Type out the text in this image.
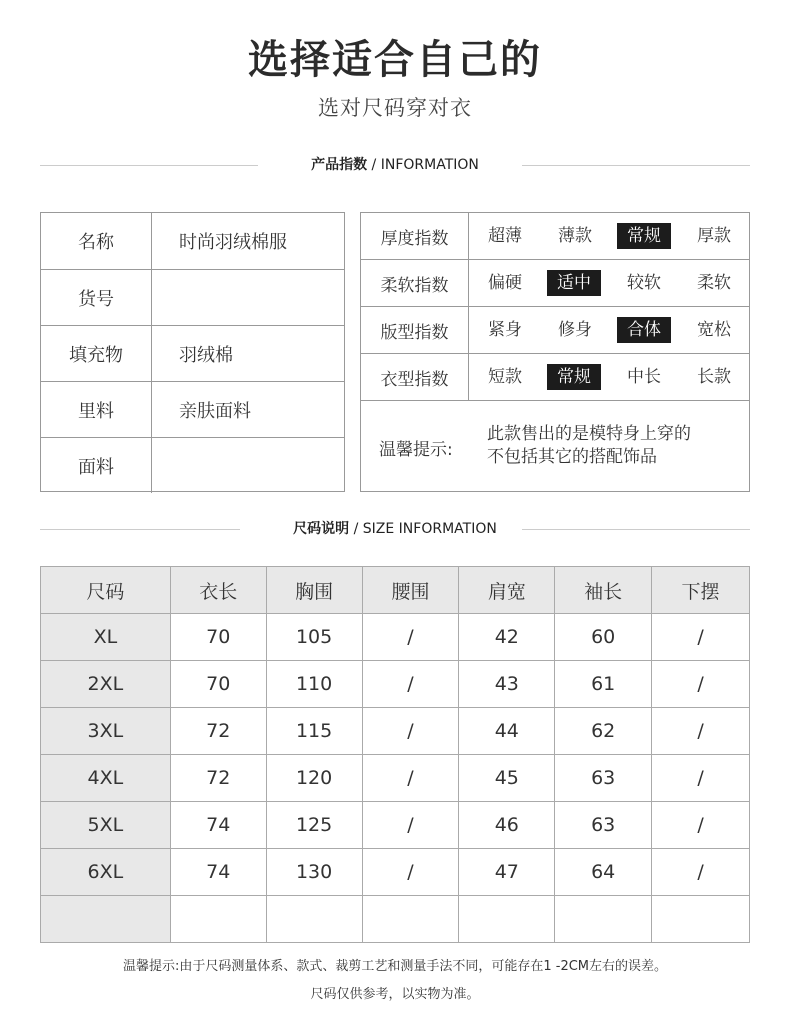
选择适合自己的
选对尺码穿对衣
产品指数 / INFORMATION
名称	时尚羽绒棉服
货号
填充物	羽绒棉
里料	亲肤面料
面料
厚度指数	超薄	薄款	常规	厚款
柔软指数	偏硬	适中	较软	柔软
版型指数	紧身	修身	合体	宽松
衣型指数	短款	常规	中长	长款
温馨提示:
此款售出的是模特身上穿的
不包括其它的搭配饰品
尺码说明 / SIZE INFORMATION
尺码	衣长	胸围	腰围	肩宽	袖长	下摆
XL	70	105	/	42	60	/
2XL	70	110	/	43	61	/
3XL	72	115	/	44	62	/
4XL	72	120	/	45	63	/
5XL	74	125	/	46	63	/
6XL	74	130	/	47	64	/

温馨提示:由于尺码测量体系、款式、裁剪工艺和测量手法不同，可能存在1 -2CM左右的误差。
尺码仅供参考，以实物为准。
